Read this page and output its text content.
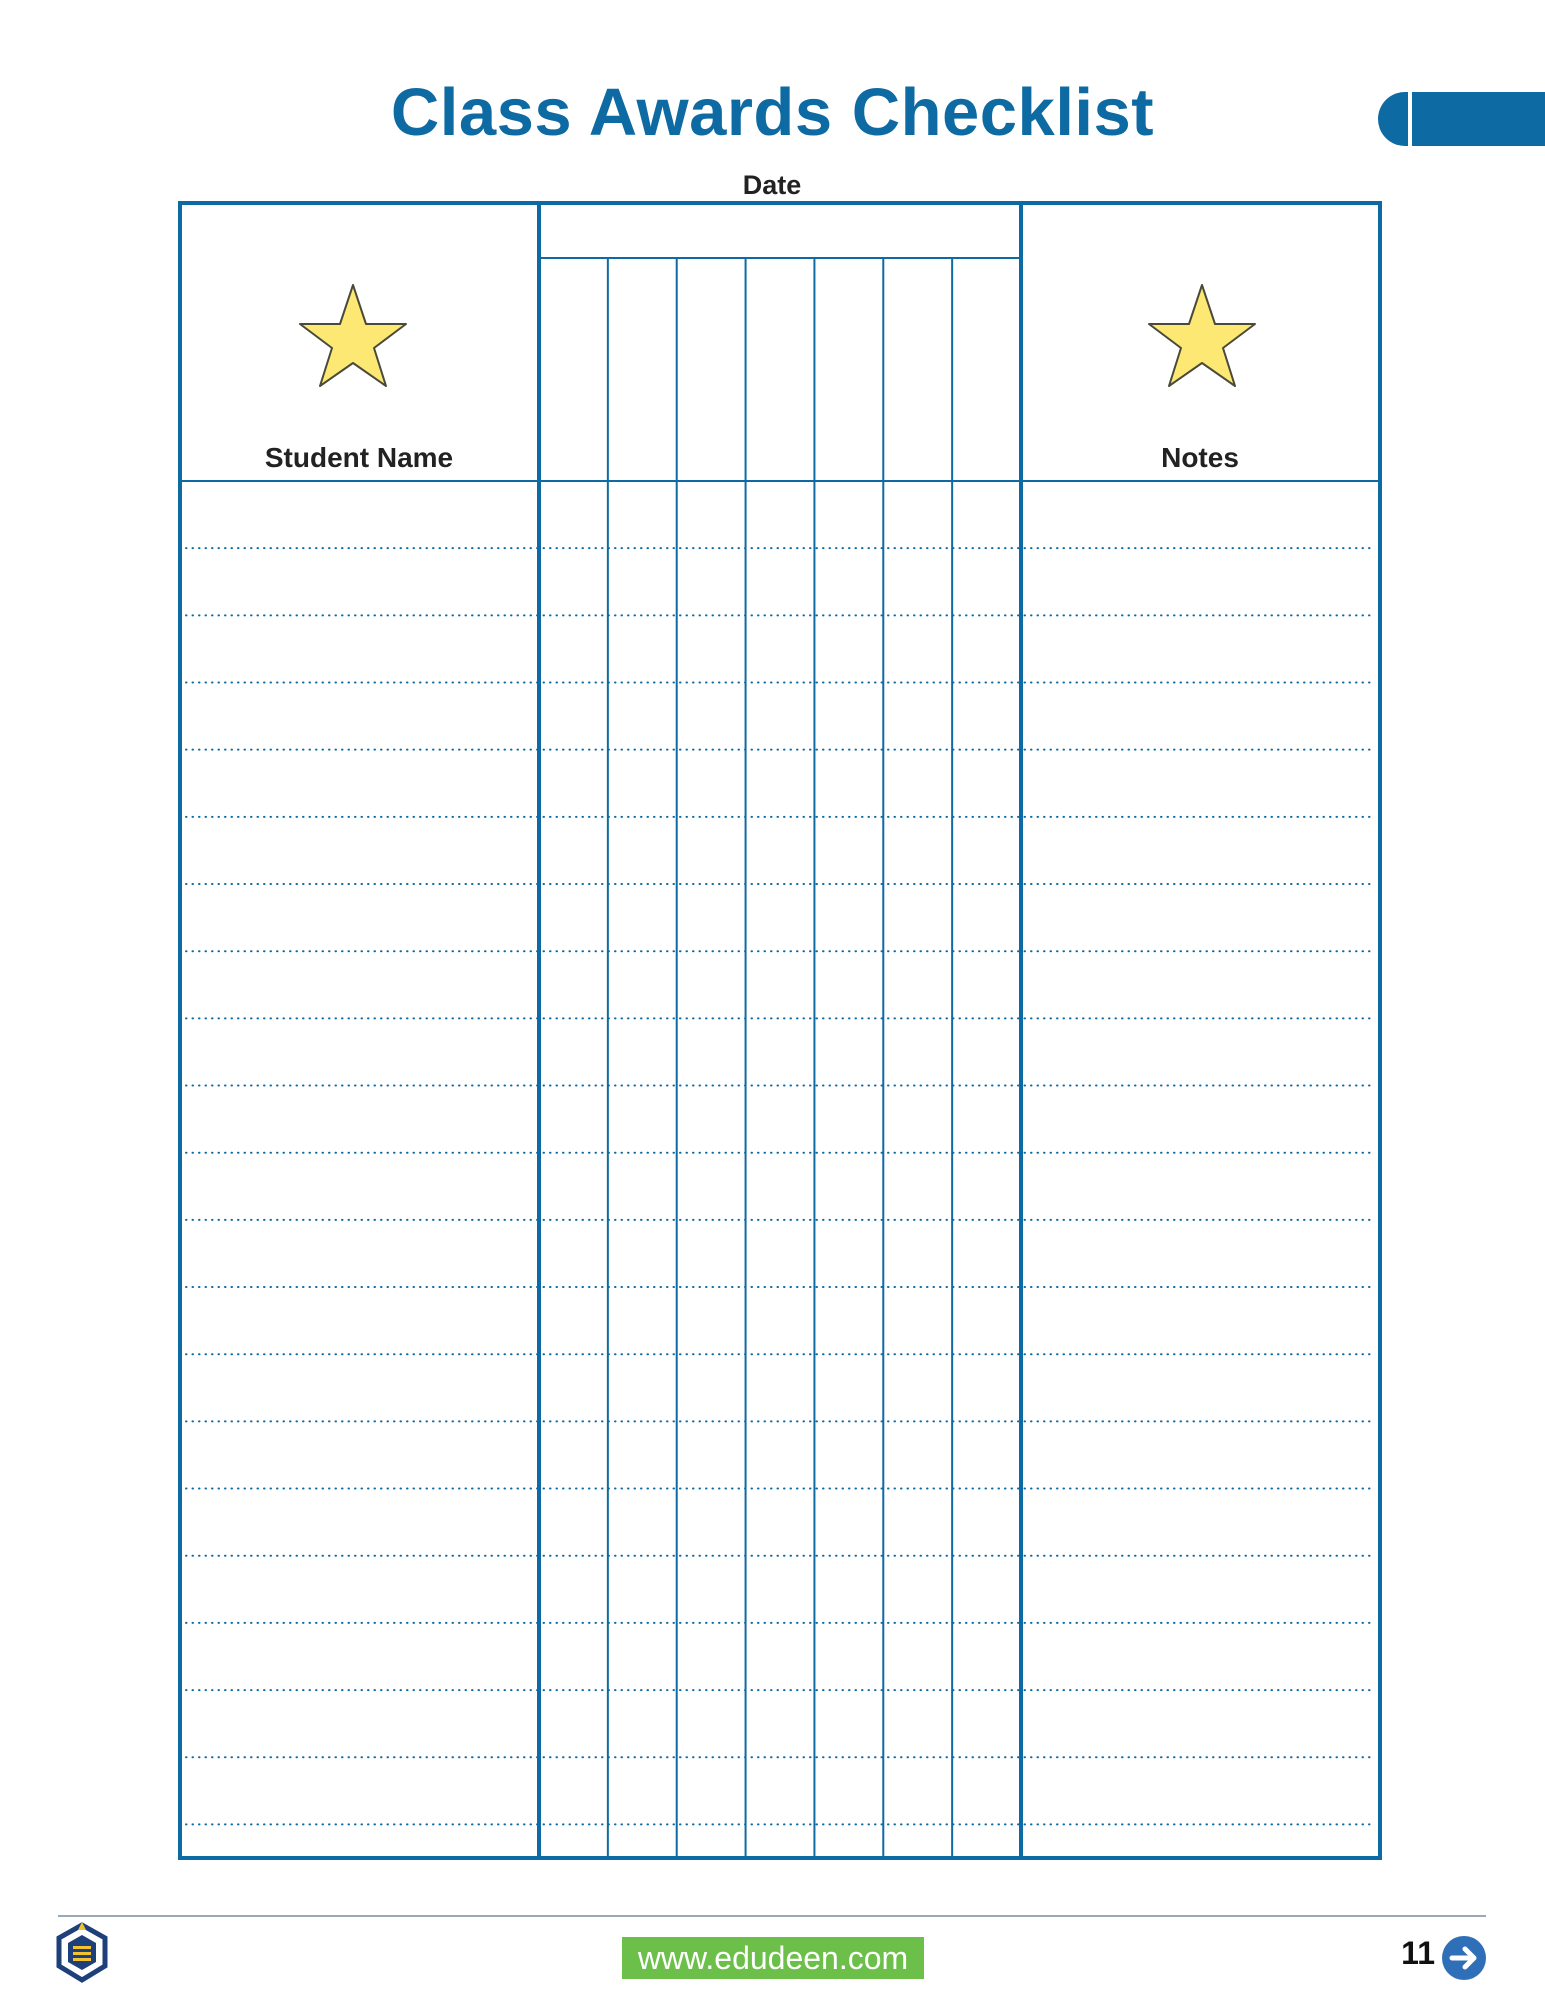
Class Awards Checklist
Date
Student Name	Notes
www.edudeen.com	11
